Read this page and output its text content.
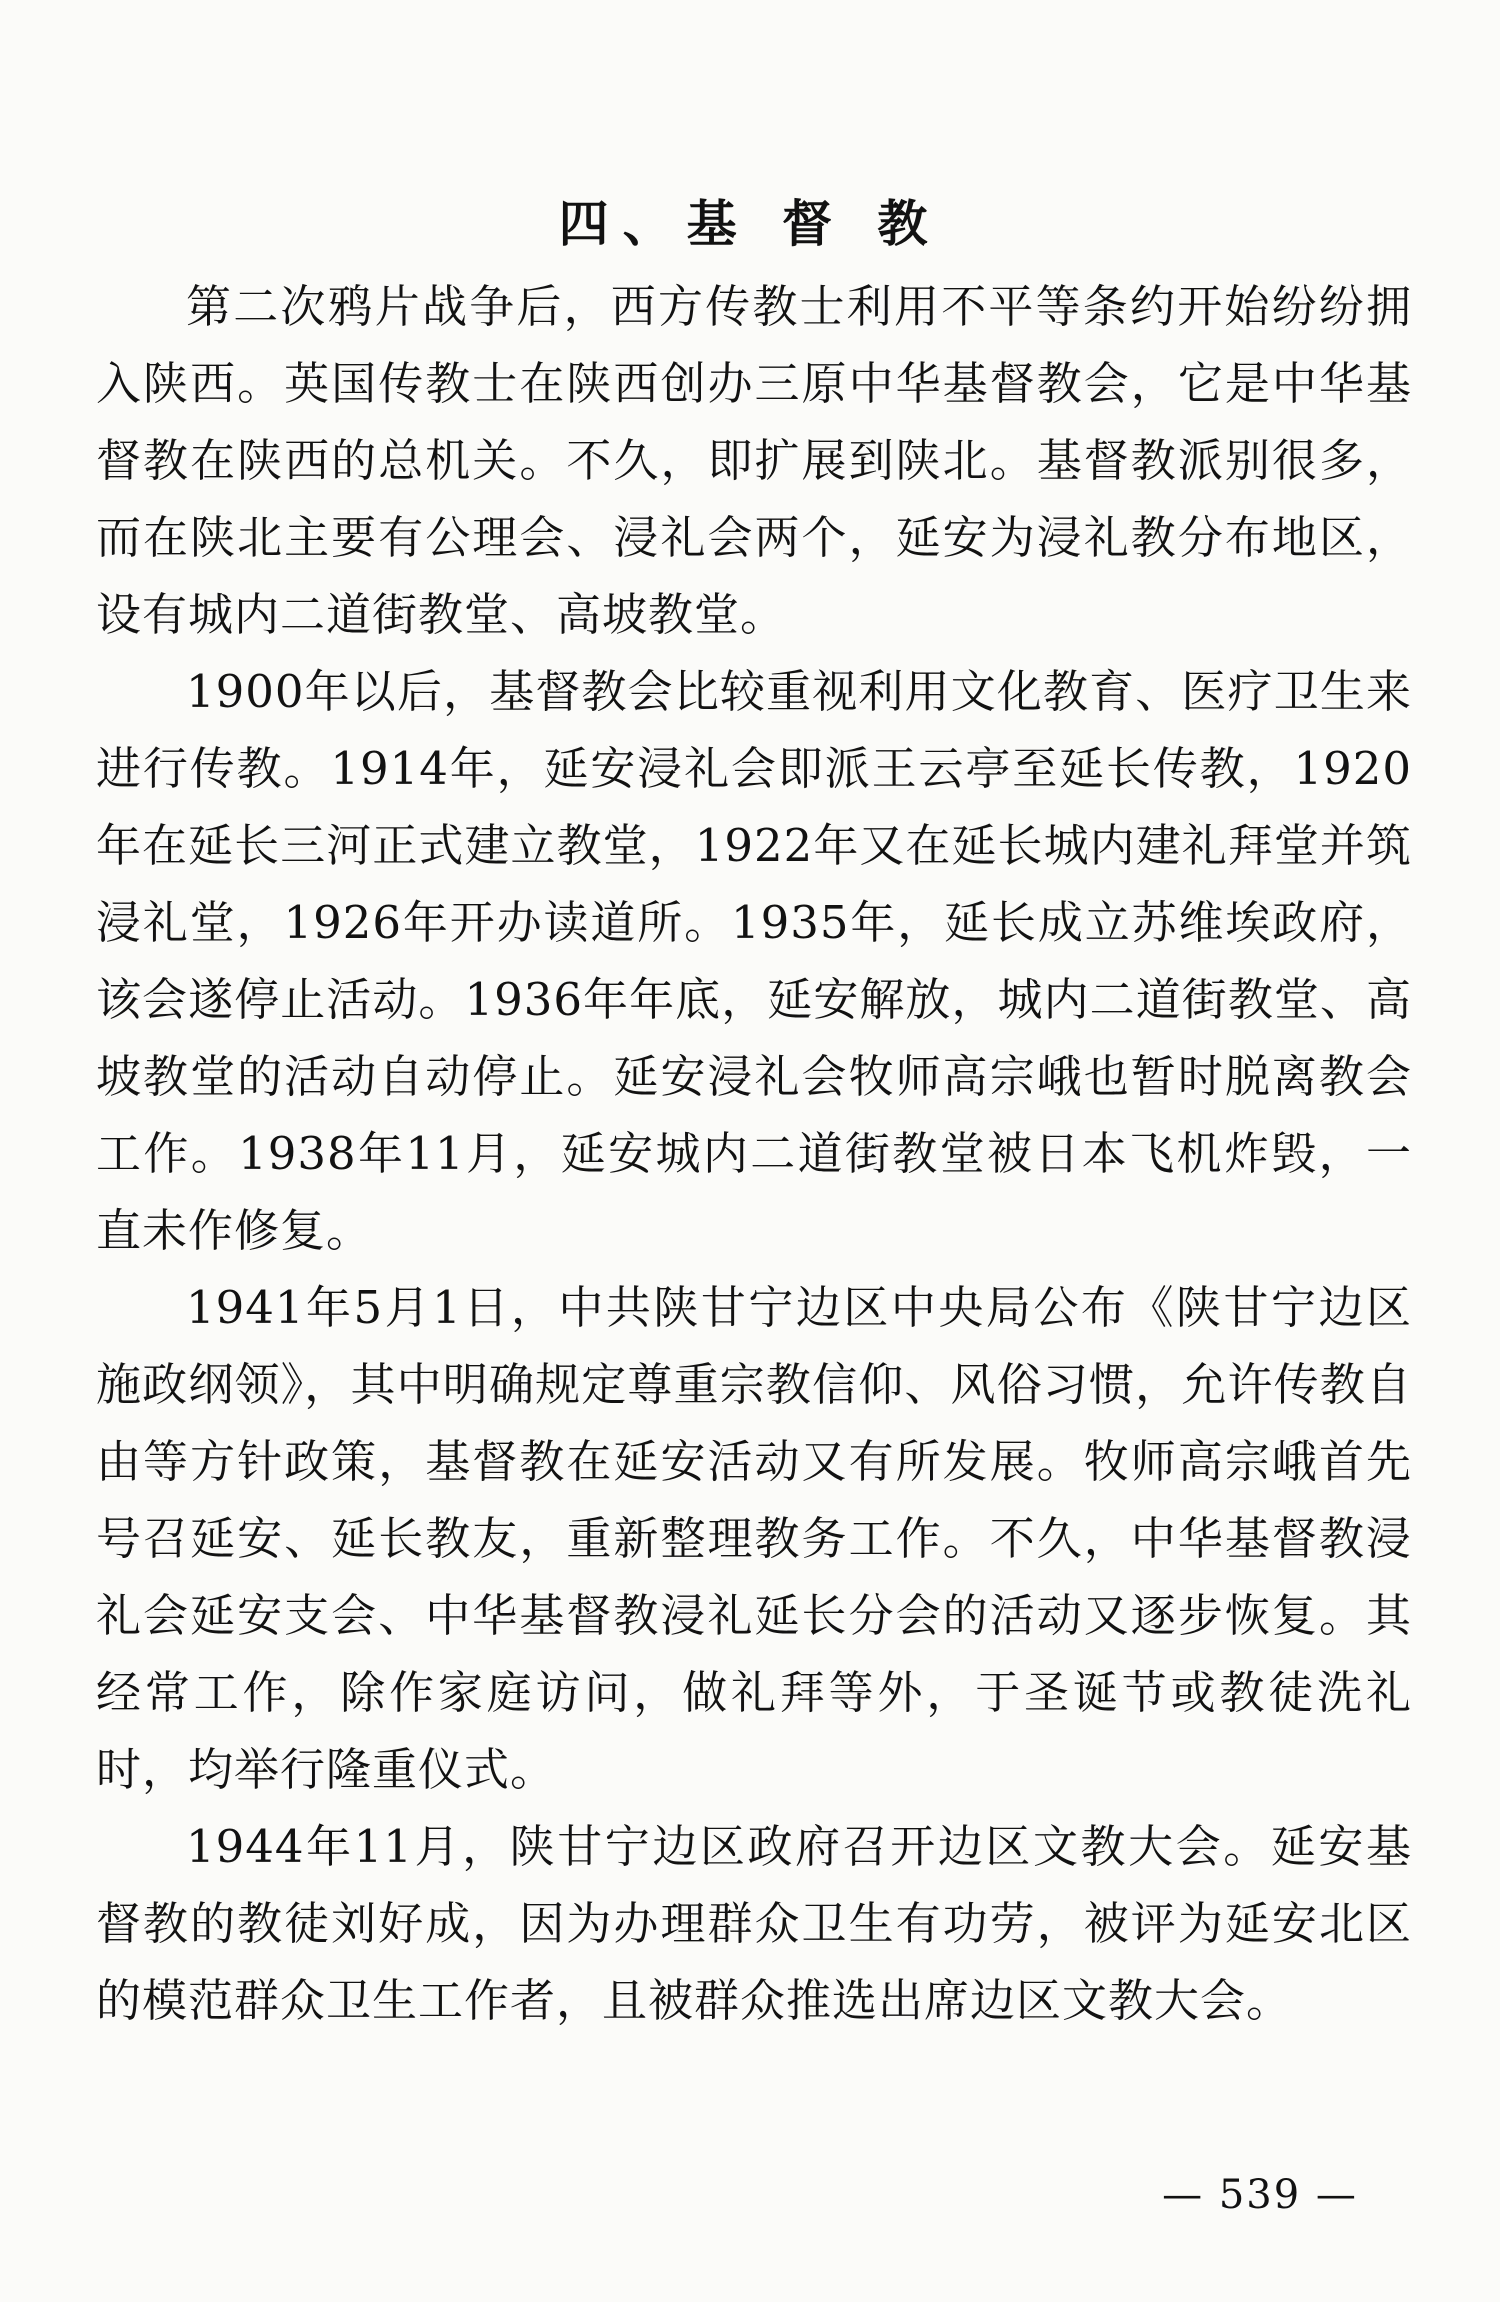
四、基 督 教

第二次鸦片战争后，西方传教士利用不平等条约开始纷纷拥入陕西。英国传教士在陕西创办三原中华基督教会，它是中华基督教在陕西的总机关。不久，即扩展到陕北。基督教派别很多，而在陕北主要有公理会、浸礼会两个，延安为浸礼教分布地区，设有城内二道街教堂、高坡教堂。

1900年以后，基督教会比较重视利用文化教育、医疗卫生来进行传教。1914年，延安浸礼会即派王云亭至延长传教，1920年在延长三河正式建立教堂，1922年又在延长城内建礼拜堂并筑浸礼堂，1926年开办读道所。1935年，延长成立苏维埃政府，该会遂停止活动。1936年年底，延安解放，城内二道街教堂、高坡教堂的活动自动停止。延安浸礼会牧师高宗峨也暂时脱离教会工作。1938年11月，延安城内二道街教堂被日本飞机炸毁，一直未作修复。

1941年5月1日，中共陕甘宁边区中央局公布《陕甘宁边区施政纲领》，其中明确规定尊重宗教信仰、风俗习惯，允许传教自由等方针政策，基督教在延安活动又有所发展。牧师高宗峨首先号召延安、延长教友，重新整理教务工作。不久，中华基督教浸礼会延安支会、中华基督教浸礼延长分会的活动又逐步恢复。其经常工作，除作家庭访问，做礼拜等外，于圣诞节或教徒洗礼时，均举行隆重仪式。

1944年11月，陕甘宁边区政府召开边区文教大会。延安基督教的教徒刘好成，因为办理群众卫生有功劳，被评为延安北区的模范群众卫生工作者，且被群众推选出席边区文教大会。

— 539 —
